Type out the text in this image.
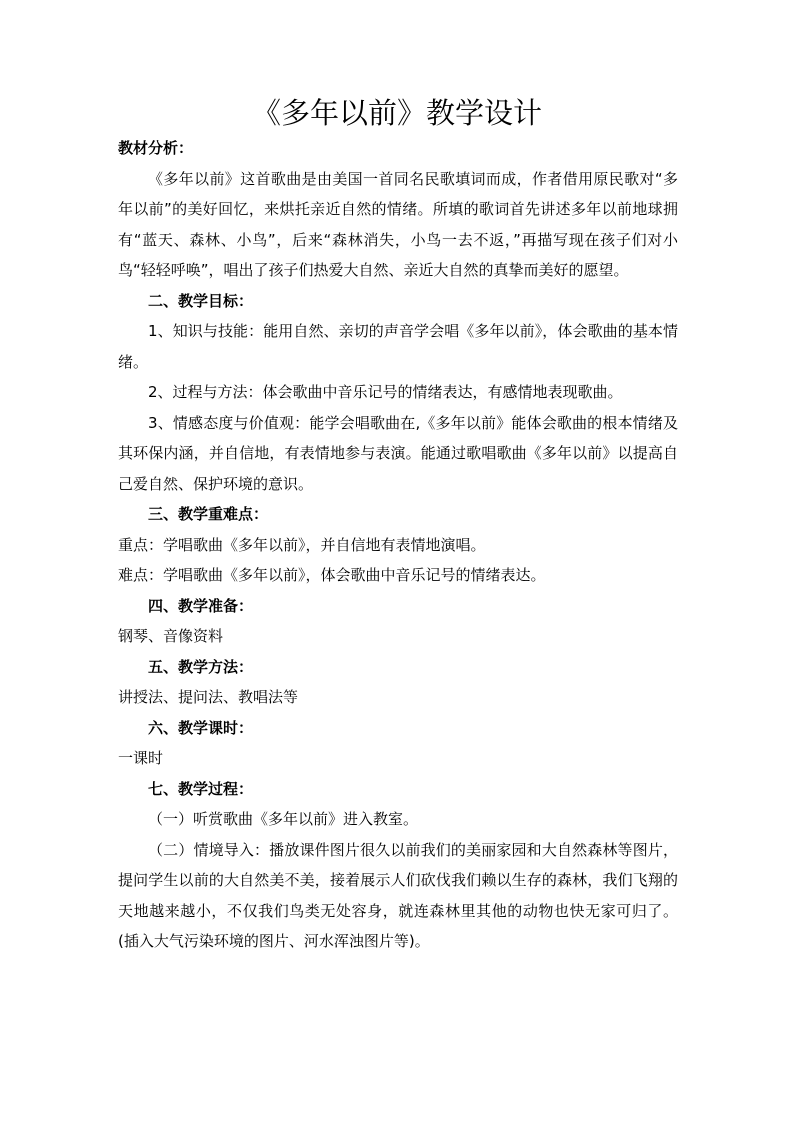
《多年以前》教学设计

教材分析：

《多年以前》这首歌曲是由美国一首同名民歌填词而成，作者借用原民歌对“多年以前”的美好回忆，来烘托亲近自然的情绪。所填的歌词首先讲述多年以前地球拥有“蓝天、森林、小鸟”，后来“森林消失，小鸟一去不返，”再描写现在孩子们对小鸟“轻轻呼唤”，唱出了孩子们热爱大自然、亲近大自然的真挚而美好的愿望。

二、教学目标：

1、知识与技能：能用自然、亲切的声音学会唱《多年以前》，体会歌曲的基本情绪。

2、过程与方法：体会歌曲中音乐记号的情绪表达，有感情地表现歌曲。

3、情感态度与价值观：能学会唱歌曲在,《多年以前》能体会歌曲的根本情绪及其环保内涵，并自信地，有表情地参与表演。能通过歌唱歌曲《多年以前》以提高自己爱自然、保护环境的意识。

三、教学重难点：

重点：学唱歌曲《多年以前》，并自信地有表情地演唱。

难点：学唱歌曲《多年以前》，体会歌曲中音乐记号的情绪表达。

四、教学准备：

钢琴、音像资料

五、教学方法：

讲授法、提问法、教唱法等

六、教学课时：

一课时

七、教学过程：

（一）听赏歌曲《多年以前》进入教室。

（二）情境导入：播放课件图片很久以前我们的美丽家园和大自然森林等图片，提问学生以前的大自然美不美，接着展示人们砍伐我们赖以生存的森林，我们飞翔的天地越来越小，不仅我们鸟类无处容身，就连森林里其他的动物也快无家可归了。(插入大气污染环境的图片、河水浑浊图片等)。
